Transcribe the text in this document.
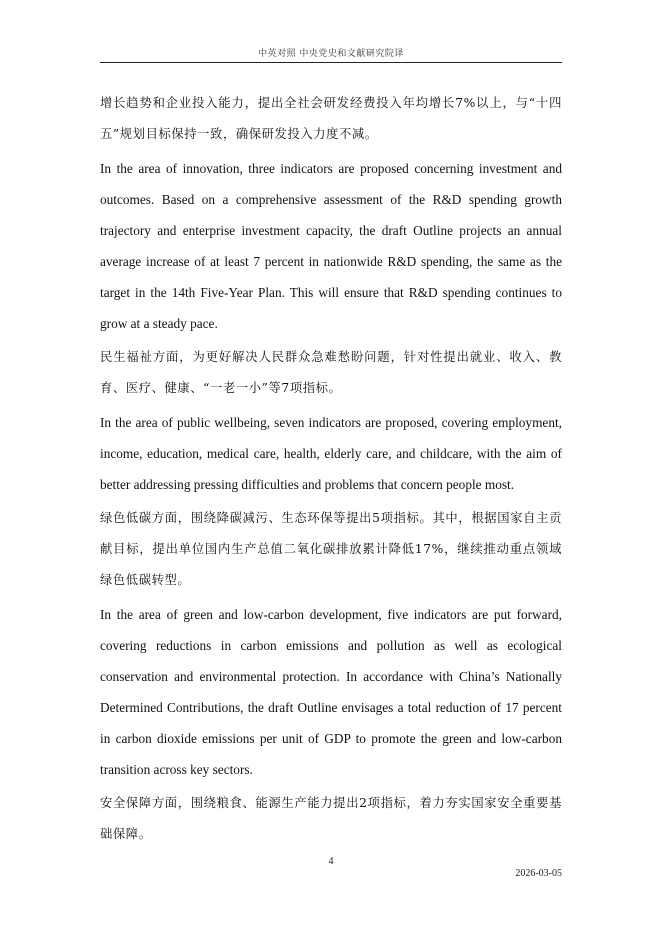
中英对照 中央党史和文献研究院译

增长趋势和企业投入能力，提出全社会研发经费投入年均增长7%以上，与“十四五”规划目标保持一致，确保研发投入力度不减。

In the area of innovation, three indicators are proposed concerning investment and outcomes. Based on a comprehensive assessment of the R&D spending growth trajectory and enterprise investment capacity, the draft Outline projects an annual average increase of at least 7 percent in nationwide R&D spending, the same as the target in the 14th Five-Year Plan. This will ensure that R&D spending continues to grow at a steady pace.

民生福祉方面，为更好解决人民群众急难愁盼问题，针对性提出就业、收入、教育、医疗、健康、“一老一小”等7项指标。

In the area of public wellbeing, seven indicators are proposed, covering employment, income, education, medical care, health, elderly care, and childcare, with the aim of better addressing pressing difficulties and problems that concern people most.

绿色低碳方面，围绕降碳减污、生态环保等提出5项指标。其中，根据国家自主贡献目标，提出单位国内生产总值二氧化碳排放累计降低17%，继续推动重点领域绿色低碳转型。

In the area of green and low-carbon development, five indicators are put forward, covering reductions in carbon emissions and pollution as well as ecological conservation and environmental protection. In accordance with China’s Nationally Determined Contributions, the draft Outline envisages a total reduction of 17 percent in carbon dioxide emissions per unit of GDP to promote the green and low-carbon transition across key sectors.

安全保障方面，围绕粮食、能源生产能力提出2项指标，着力夯实国家安全重要基础保障。

4
2026-03-05
